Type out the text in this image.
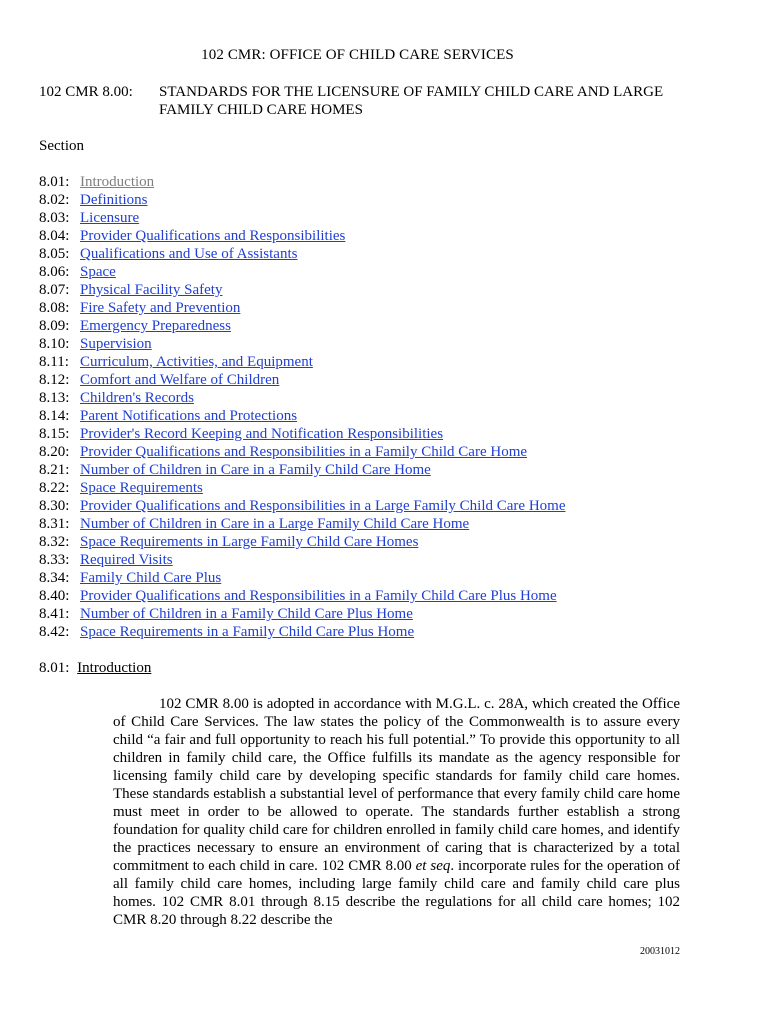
102 CMR: OFFICE OF CHILD CARE SERVICES
102 CMR 8.00: STANDARDS FOR THE LICENSURE OF FAMILY CHILD CARE AND LARGE FAMILY CHILD CARE HOMES
Section
8.01: Introduction
8.02: Definitions
8.03: Licensure
8.04: Provider Qualifications and Responsibilities
8.05: Qualifications and Use of Assistants
8.06: Space
8.07: Physical Facility Safety
8.08: Fire Safety and Prevention
8.09: Emergency Preparedness
8.10: Supervision
8.11: Curriculum, Activities, and Equipment
8.12: Comfort and Welfare of Children
8.13: Children's Records
8.14: Parent Notifications and Protections
8.15: Provider's Record Keeping and Notification Responsibilities
8.20: Provider Qualifications and Responsibilities in a Family Child Care Home
8.21: Number of Children in Care in a Family Child Care Home
8.22: Space Requirements
8.30: Provider Qualifications and Responsibilities in a Large Family Child Care Home
8.31: Number of Children in Care in a Large Family Child Care Home
8.32: Space Requirements in Large Family Child Care Homes
8.33: Required Visits
8.34: Family Child Care Plus
8.40: Provider Qualifications and Responsibilities in a Family Child Care Plus Home
8.41: Number of Children in a Family Child Care Plus Home
8.42: Space Requirements in a Family Child Care Plus Home
8.01: Introduction
102 CMR 8.00 is adopted in accordance with M.G.L. c. 28A, which created the Office of Child Care Services. The law states the policy of the Commonwealth is to assure every child “a fair and full opportunity to reach his full potential.” To provide this opportunity to all children in family child care, the Office fulfills its mandate as the agency responsible for licensing family child care by developing specific standards for family child care homes. These standards establish a substantial level of performance that every family child care home must meet in order to be allowed to operate. The standards further establish a strong foundation for quality child care for children enrolled in family child care homes, and identify the practices necessary to ensure an environment of caring that is characterized by a total commitment to each child in care. 102 CMR 8.00 et seq. incorporate rules for the operation of all family child care homes, including large family child care and family child care plus homes. 102 CMR 8.01 through 8.15 describe the regulations for all child care homes; 102 CMR 8.20 through 8.22 describe the
20031012
